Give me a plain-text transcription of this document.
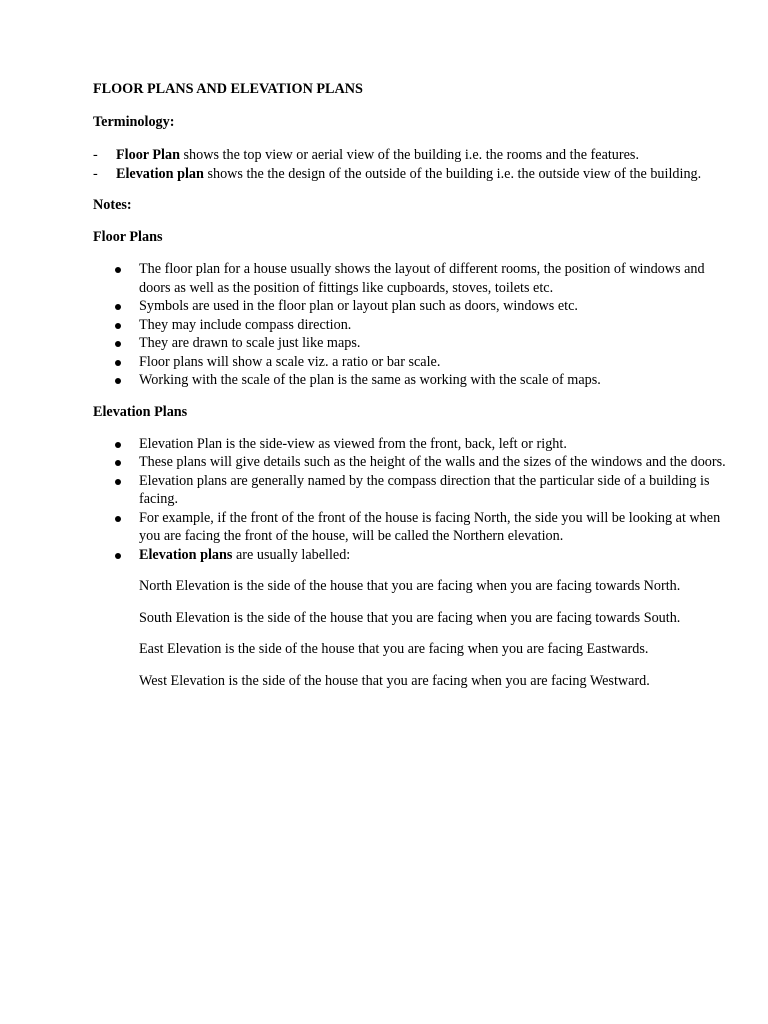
FLOOR PLANS AND ELEVATION PLANS

Terminology:

- Floor Plan shows the top view or aerial view of the building i.e. the rooms and the features.
- Elevation plan shows the the design of the outside of the building i.e. the outside view of the building.

Notes:

Floor Plans

The floor plan for a house usually shows the layout of different rooms, the position of windows and doors as well as the position of fittings like cupboards, stoves, toilets etc.
Symbols are used in the floor plan or layout plan such as doors, windows etc.
They may include compass direction.
They are drawn to scale just like maps.
Floor plans will show a scale viz. a ratio or bar scale.
Working with the scale of the plan is the same as working with the scale of maps.

Elevation Plans

Elevation Plan is the side-view as viewed from the front, back, left or right.
These plans will give details such as the height of the walls and the sizes of the windows and the doors.
Elevation plans are generally named by the compass direction that the particular side of a building is facing.
For example, if the front of the front of the house is facing North, the side you will be looking at when you are facing the front of the house, will be called the Northern elevation.
Elevation plans are usually labelled:

North Elevation is the side of the house that you are facing when you are facing towards North.

South Elevation is the side of the house that you are facing when you are facing towards South.

East Elevation is the side of the house that you are facing when you are facing Eastwards.

West Elevation is the side of the house that you are facing when you are facing Westward.
